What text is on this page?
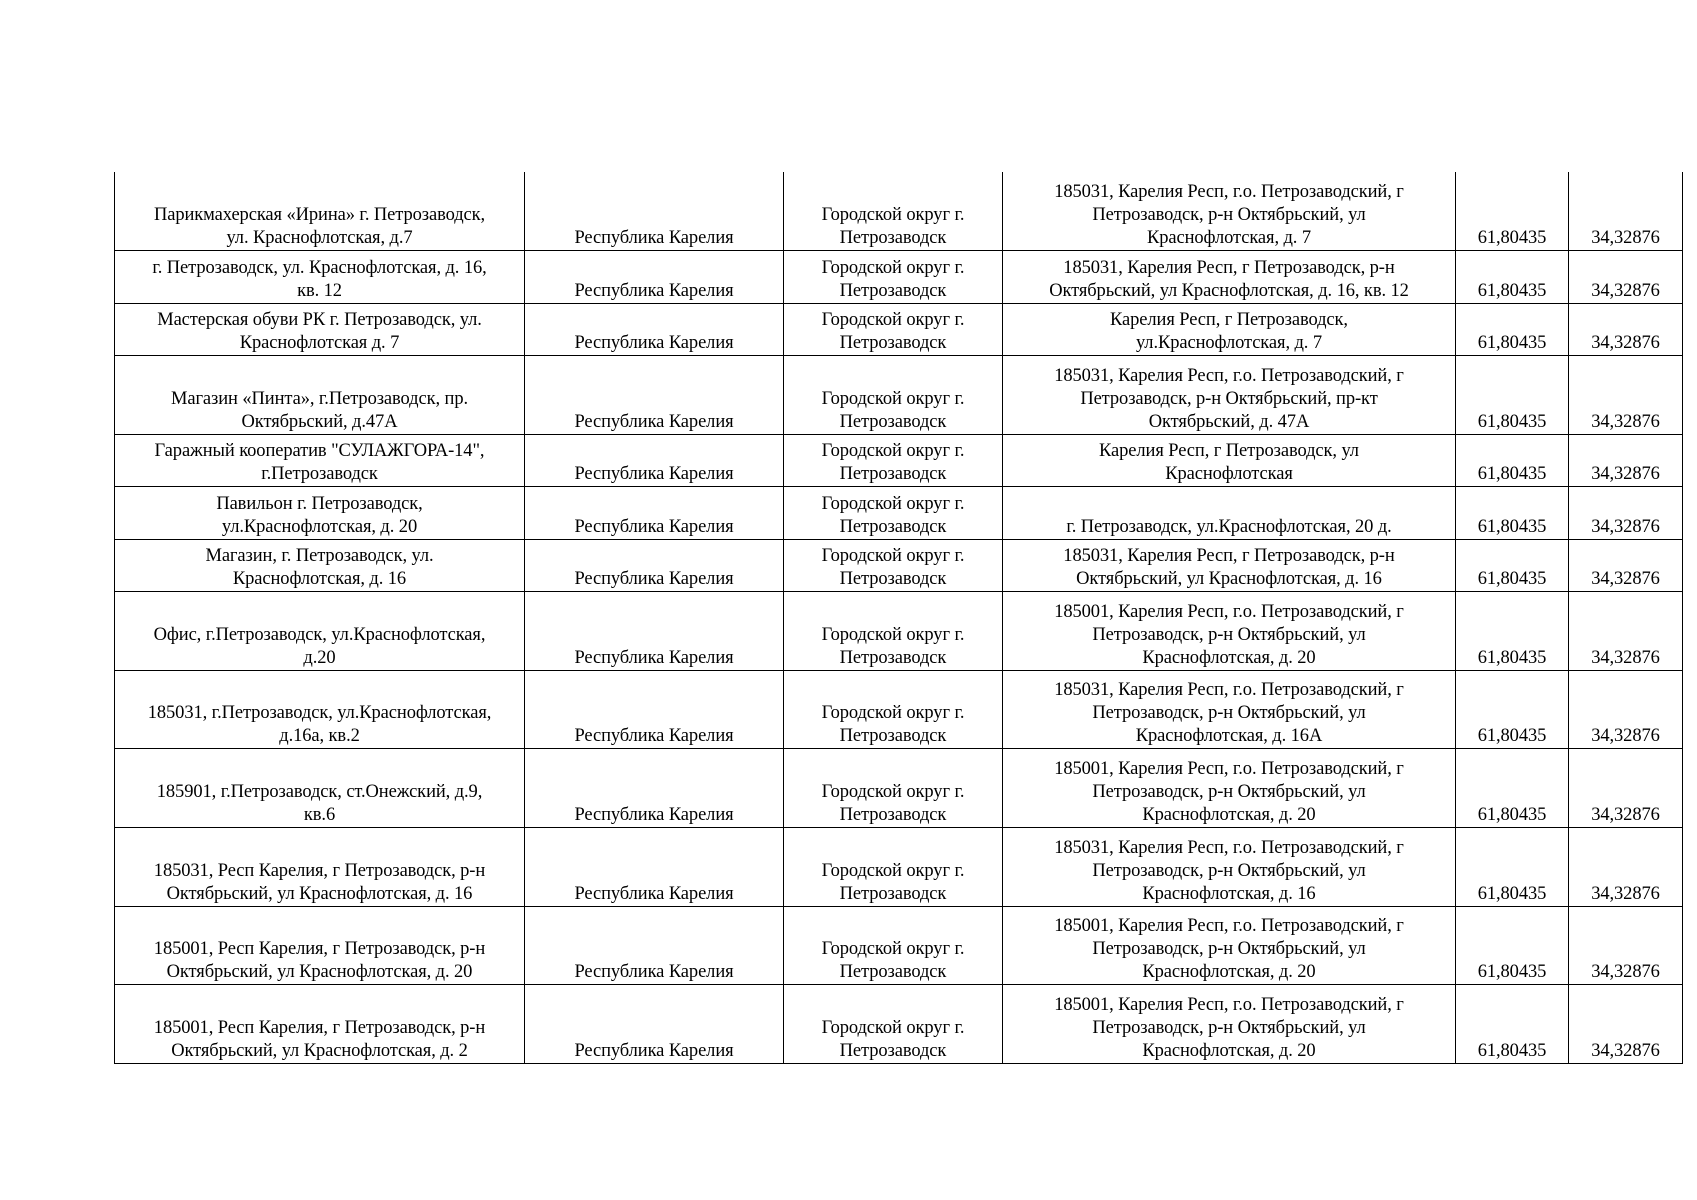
Парикмахерская «Ирина» г. Петрозаводск,
ул. Краснофлотская, д.7	Республика Карелия	Городской округ г.
Петрозаводск	185031, Карелия Респ, г.о. Петрозаводский, г
Петрозаводск, р-н Октябрьский, ул
Краснофлотская, д. 7	61,80435	34,32876
г. Петрозаводск, ул. Краснофлотская, д. 16,
кв. 12	Республика Карелия	Городской округ г.
Петрозаводск	185031, Карелия Респ, г Петрозаводск, р-н
Октябрьский, ул Краснофлотская, д. 16, кв. 12	61,80435	34,32876
Мастерская обуви РК г. Петрозаводск, ул.
Краснофлотская д. 7	Республика Карелия	Городской округ г.
Петрозаводск	Карелия Респ, г Петрозаводск,
ул.Краснофлотская, д. 7	61,80435	34,32876
Магазин «Пинта», г.Петрозаводск, пр.
Октябрьский, д.47А	Республика Карелия	Городской округ г.
Петрозаводск	185031, Карелия Респ, г.о. Петрозаводский, г
Петрозаводск, р-н Октябрьский, пр-кт
Октябрьский, д. 47А	61,80435	34,32876
Гаражный кооператив "СУЛАЖГОРА-14",
г.Петрозаводск	Республика Карелия	Городской округ г.
Петрозаводск	Карелия Респ, г Петрозаводск, ул
Краснофлотская	61,80435	34,32876
Павильон г. Петрозаводск,
ул.Краснофлотская, д. 20	Республика Карелия	Городской округ г.
Петрозаводск	г. Петрозаводск, ул.Краснофлотская, 20 д.	61,80435	34,32876
Магазин, г. Петрозаводск, ул.
Краснофлотская, д. 16	Республика Карелия	Городской округ г.
Петрозаводск	185031, Карелия Респ, г Петрозаводск, р-н
Октябрьский, ул Краснофлотская, д. 16	61,80435	34,32876
Офис, г.Петрозаводск, ул.Краснофлотская,
д.20	Республика Карелия	Городской округ г.
Петрозаводск	185001, Карелия Респ, г.о. Петрозаводский, г
Петрозаводск, р-н Октябрьский, ул
Краснофлотская, д. 20	61,80435	34,32876
185031, г.Петрозаводск, ул.Краснофлотская,
д.16а, кв.2	Республика Карелия	Городской округ г.
Петрозаводск	185031, Карелия Респ, г.о. Петрозаводский, г
Петрозаводск, р-н Октябрьский, ул
Краснофлотская, д. 16А	61,80435	34,32876
185901, г.Петрозаводск, ст.Онежский, д.9,
кв.6	Республика Карелия	Городской округ г.
Петрозаводск	185001, Карелия Респ, г.о. Петрозаводский, г
Петрозаводск, р-н Октябрьский, ул
Краснофлотская, д. 20	61,80435	34,32876
185031, Респ Карелия, г Петрозаводск, р-н
Октябрьский, ул Краснофлотская, д. 16	Республика Карелия	Городской округ г.
Петрозаводск	185031, Карелия Респ, г.о. Петрозаводский, г
Петрозаводск, р-н Октябрьский, ул
Краснофлотская, д. 16	61,80435	34,32876
185001, Респ Карелия, г Петрозаводск, р-н
Октябрьский, ул Краснофлотская, д. 20	Республика Карелия	Городской округ г.
Петрозаводск	185001, Карелия Респ, г.о. Петрозаводский, г
Петрозаводск, р-н Октябрьский, ул
Краснофлотская, д. 20	61,80435	34,32876
185001, Респ Карелия, г Петрозаводск, р-н
Октябрьский, ул Краснофлотская, д. 2	Республика Карелия	Городской округ г.
Петрозаводск	185001, Карелия Респ, г.о. Петрозаводский, г
Петрозаводск, р-н Октябрьский, ул
Краснофлотская, д. 20	61,80435	34,32876
